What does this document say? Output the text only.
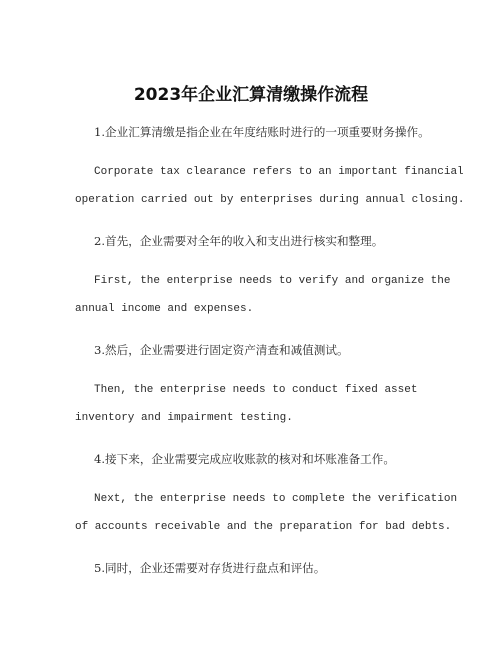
2023年企业汇算清缴操作流程

1.企业汇算清缴是指企业在年度结账时进行的一项重要财务操作。

Corporate tax clearance refers to an important financial

operation carried out by enterprises during annual closing.

2.首先，企业需要对全年的收入和支出进行核实和整理。

First, the enterprise needs to verify and organize the

annual income and expenses.

3.然后，企业需要进行固定资产清查和减值测试。

Then, the enterprise needs to conduct fixed asset

inventory and impairment testing.

4.接下来，企业需要完成应收账款的核对和坏账准备工作。

Next, the enterprise needs to complete the verification

of accounts receivable and the preparation for bad debts.

5.同时，企业还需要对存货进行盘点和评估。
